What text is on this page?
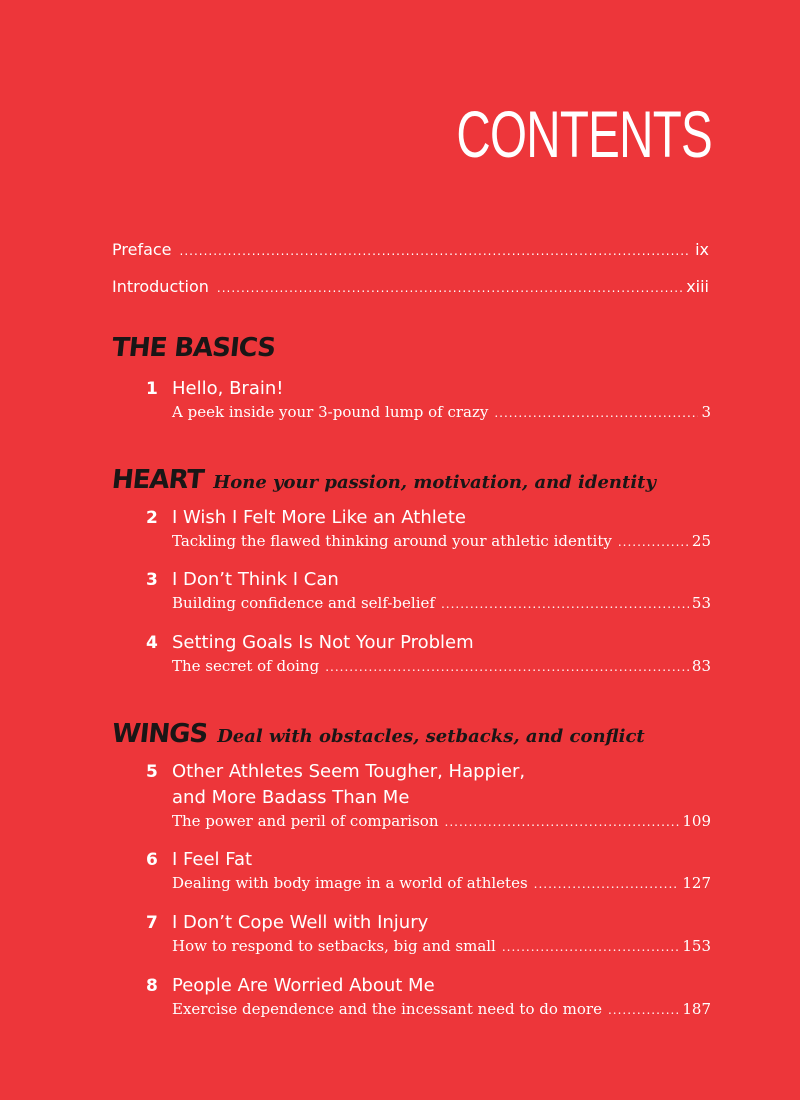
CONTENTS
Preface .....	ix
Introduction .....	xiii
THE BASICS
1 Hello, Brain!
A peek inside your 3-pound lump of crazy .....	3
HEART Hone your passion, motivation, and identity
2 I Wish I Felt More Like an Athlete
Tackling the flawed thinking around your athletic identity .....	25
3 I Don’t Think I Can
Building confidence and self-belief .....	53
4 Setting Goals Is Not Your Problem
The secret of doing .....	83
WINGS Deal with obstacles, setbacks, and conflict
5 Other Athletes Seem Tougher, Happier,
and More Badass Than Me
The power and peril of comparison .....	109
6 I Feel Fat
Dealing with body image in a world of athletes .....	127
7 I Don’t Cope Well with Injury
How to respond to setbacks, big and small .....	153
8 People Are Worried About Me
Exercise dependence and the incessant need to do more .....	187
